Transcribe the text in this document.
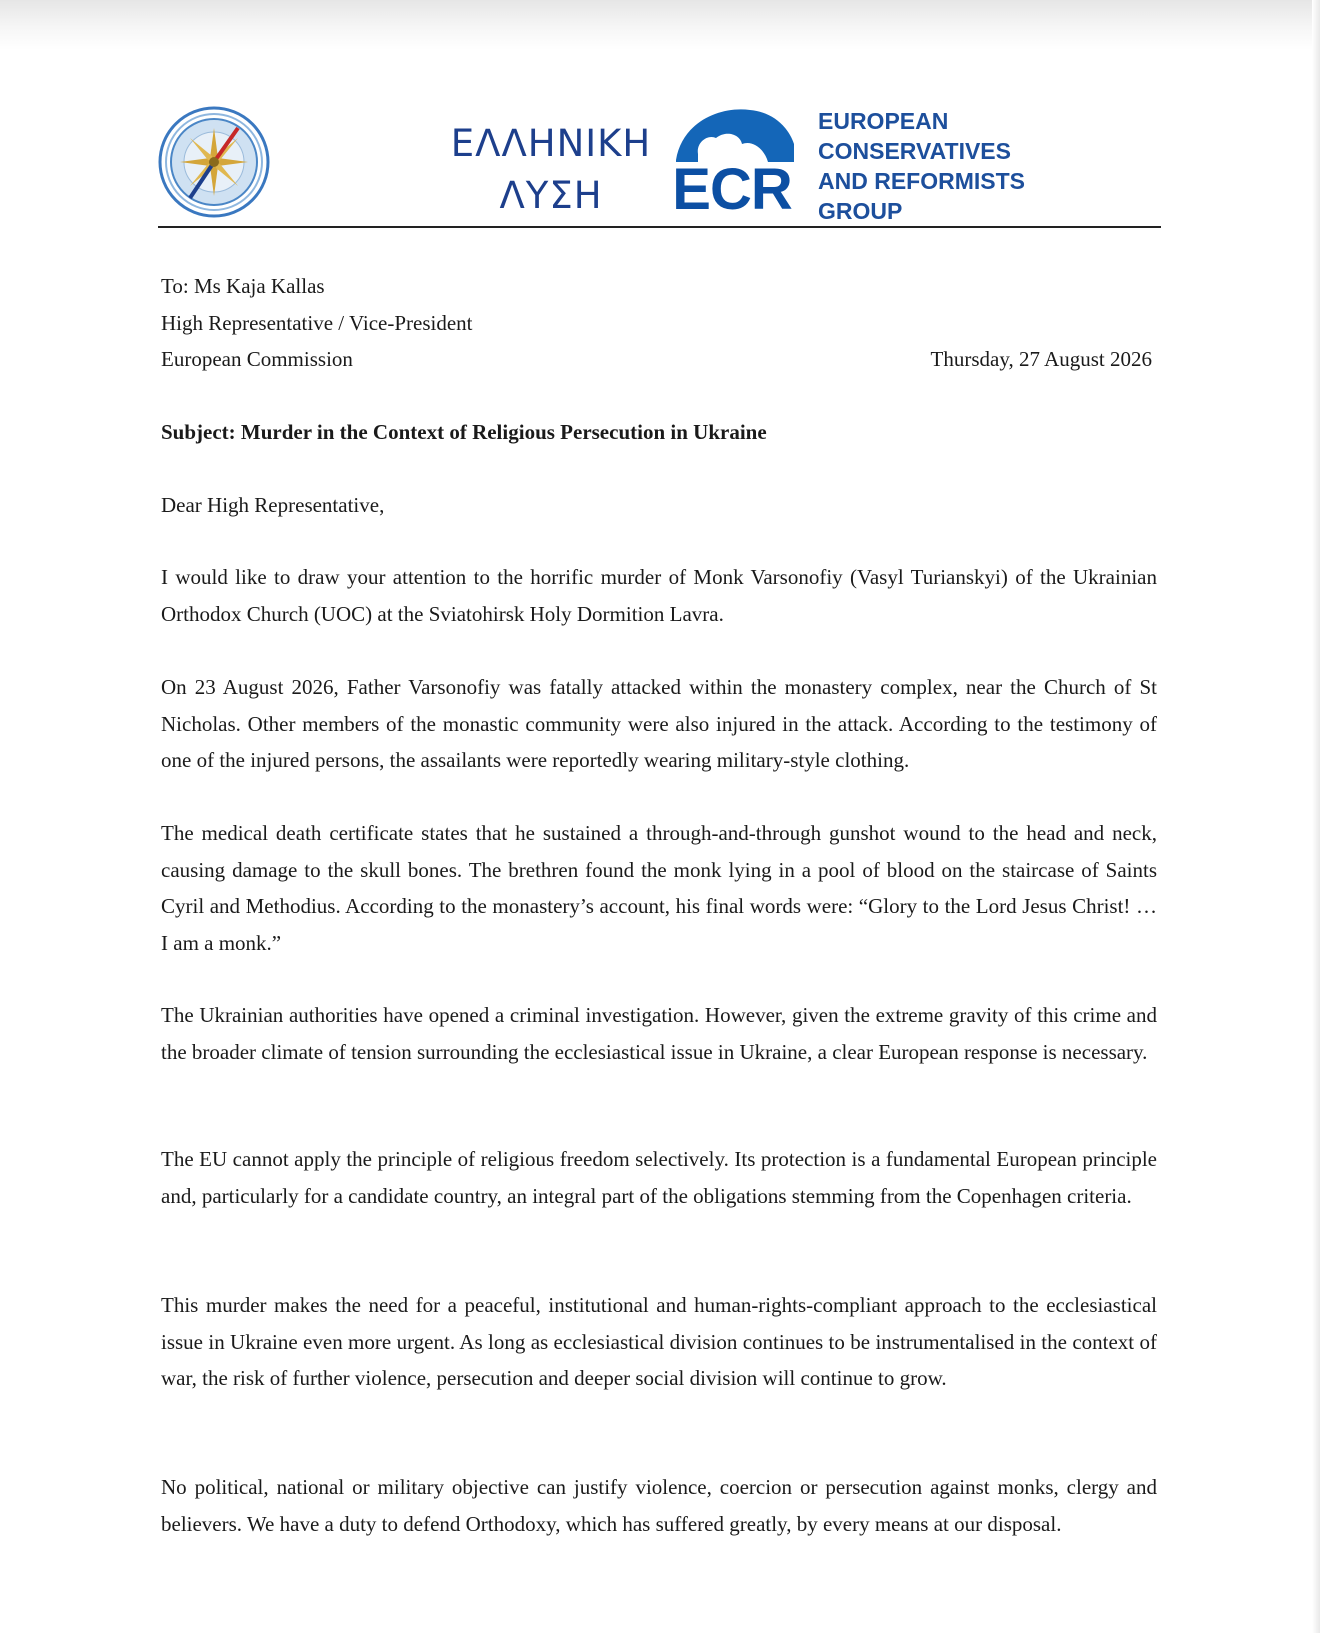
ΕΛΛΗΝΙΚΗ
ΛΥΣΗ	ECR
EUROPEAN
CONSERVATIVES
AND REFORMISTS
GROUP
To: Ms Kaja Kallas
High Representative / Vice-President
European Commission	Thursday, 27 August 2026
Subject: Murder in the Context of Religious Persecution in Ukraine
Dear High Representative,

I would like to draw your attention to the horrific murder of Monk Varsonofiy (Vasyl Turianskyi) of the Ukrainian Orthodox Church (UOC) at the Sviatohirsk Holy Dormition Lavra.

On 23 August 2026, Father Varsonofiy was fatally attacked within the monastery complex, near the Church of St Nicholas. Other members of the monastic community were also injured in the attack. According to the testimony of one of the injured persons, the assailants were reportedly wearing military-style clothing.

The medical death certificate states that he sustained a through-and-through gunshot wound to the head and neck, causing damage to the skull bones. The brethren found the monk lying in a pool of blood on the staircase of Saints Cyril and Methodius. According to the monastery’s account, his final words were: “Glory to the Lord Jesus Christ! … I am a monk.”

The Ukrainian authorities have opened a criminal investigation. However, given the extreme gravity of this crime and the broader climate of tension surrounding the ecclesiastical issue in Ukraine, a clear European response is necessary.

The EU cannot apply the principle of religious freedom selectively. Its protection is a fundamental European principle and, particularly for a candidate country, an integral part of the obligations stemming from the Copenhagen criteria.

This murder makes the need for a peaceful, institutional and human-rights-compliant approach to the ecclesiastical issue in Ukraine even more urgent. As long as ecclesiastical division continues to be instrumentalised in the context of war, the risk of further violence, persecution and deeper social division will continue to grow.

No political, national or military objective can justify violence, coercion or persecution against monks, clergy and believers. We have a duty to defend Orthodoxy, which has suffered greatly, by every means at our disposal.
